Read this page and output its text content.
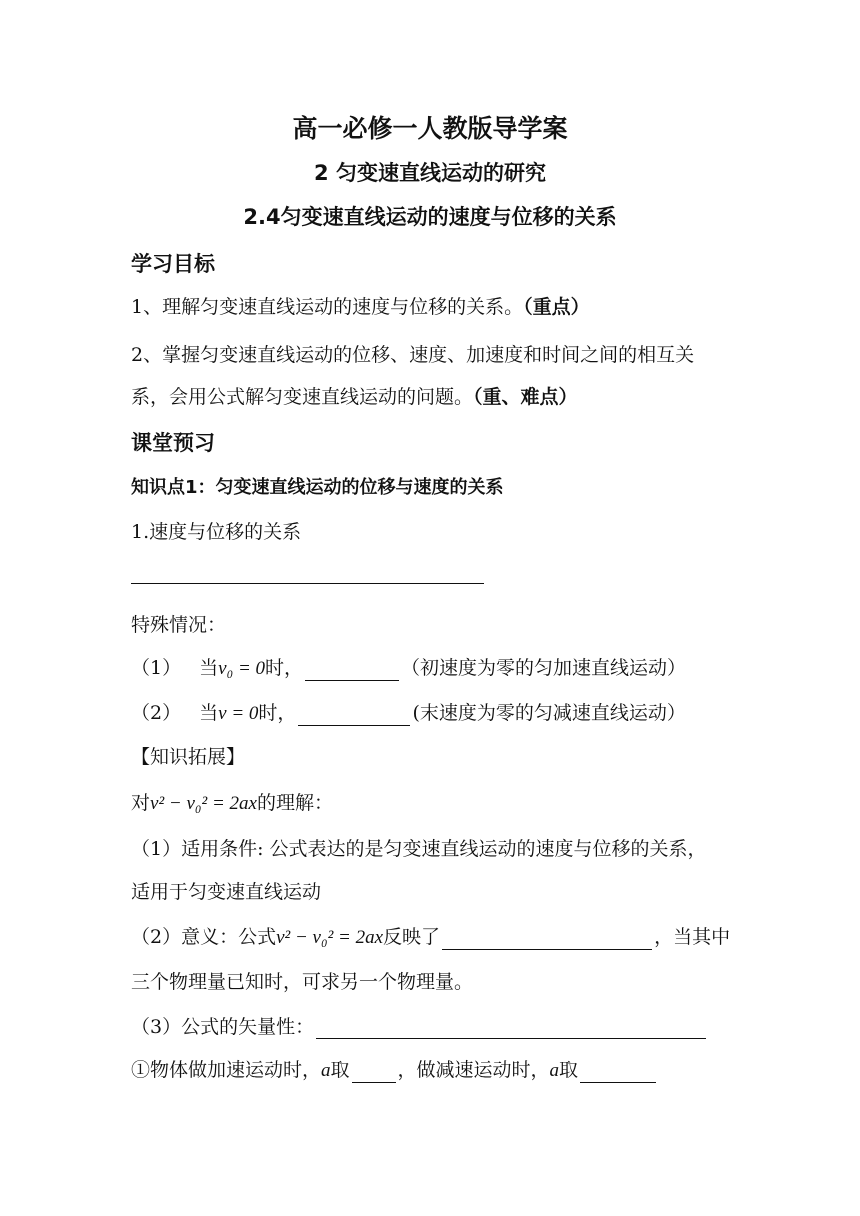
高一必修一人教版导学案
2 匀变速直线运动的研究
2.4匀变速直线运动的速度与位移的关系
学习目标
1、理解匀变速直线运动的速度与位移的关系。（重点）
2、掌握匀变速直线运动的位移、速度、加速度和时间之间的相互关
系，会用公式解匀变速直线运动的问题。（重、难点）
课堂预习
知识点1：匀变速直线运动的位移与速度的关系
1.速度与位移的关系
特殊情况：
（1） 当v₀ = 0时，	（初速度为零的匀加速直线运动）
（2） 当v = 0时，	(末速度为零的匀减速直线运动）
【知识拓展】
对v² − v₀² = 2ax的理解：
（1）适用条件: 公式表达的是匀变速直线运动的速度与位移的关系，
适用于匀变速直线运动
（2）意义：公式v² − v₀² = 2ax反映了	，当其中
三个物理量已知时，可求另一个物理量。
（3）公式的矢量性：
①物体做加速运动时，a取	，做减速运动时，a取
